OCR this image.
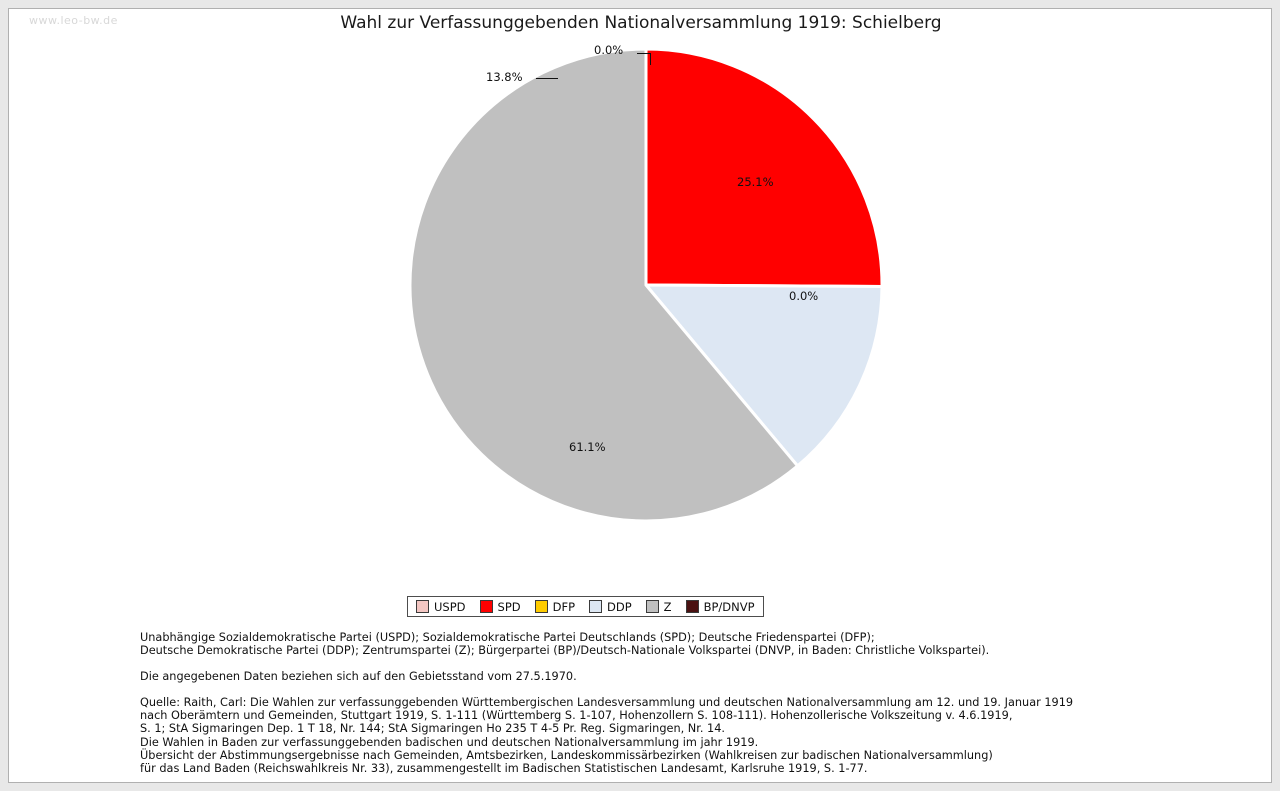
www.leo-bw.de	Wahl zur Verfassunggebenden Nationalversammlung 1919: Schielberg
0.0%
13.8%
25.1%
0.0%
61.1%
USPD	SPD	DFP	DDP	Z	BP/DNVP

Unabhängige Sozialdemokratische Partei (USPD); Sozialdemokratische Partei Deutschlands (SPD); Deutsche Friedenspartei (DFP);

Deutsche Demokratische Partei (DDP); Zentrumspartei (Z); Bürgerpartei (BP)/Deutsch-Nationale Volkspartei (DNVP, in Baden: Christliche Volkspartei).

Die angegebenen Daten beziehen sich auf den Gebietsstand vom 27.5.1970.

Quelle: Raith, Carl: Die Wahlen zur verfassunggebenden Württembergischen Landesversammlung und deutschen Nationalversammlung am 12. und 19. Januar 1919

nach Oberämtern und Gemeinden, Stuttgart 1919, S. 1-111 (Württemberg S. 1-107, Hohenzollern S. 108-111). Hohenzollerische Volkszeitung v. 4.6.1919,

S. 1; StA Sigmaringen Dep. 1 T 18, Nr. 144; StA Sigmaringen Ho 235 T 4-5 Pr. Reg. Sigmaringen, Nr. 14.

Die Wahlen in Baden zur verfassunggebenden badischen und deutschen Nationalversammlung im jahr 1919.

Übersicht der Abstimmungsergebnisse nach Gemeinden, Amtsbezirken, Landeskommissärbezirken (Wahlkreisen zur badischen Nationalversammlung)

für das Land Baden (Reichswahlkreis Nr. 33), zusammengestellt im Badischen Statistischen Landesamt, Karlsruhe 1919, S. 1-77.
